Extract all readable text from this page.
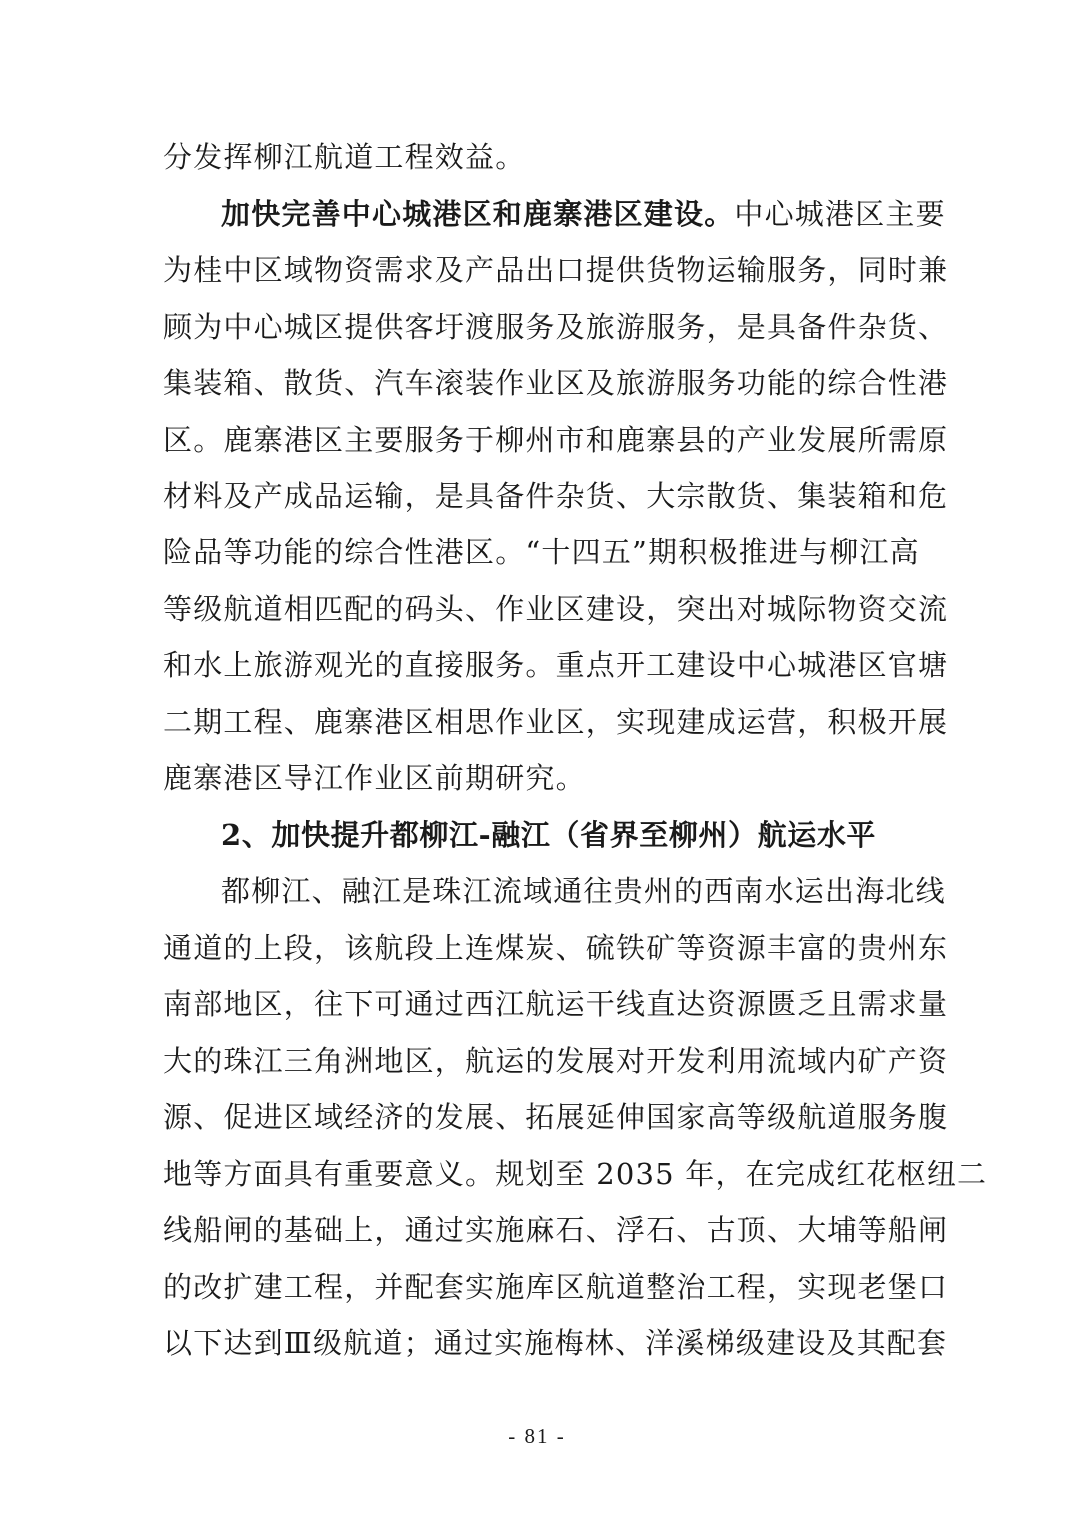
分发挥柳江航道工程效益。
加快完善中心城港区和鹿寨港区建设。中心城港区主要
为桂中区域物资需求及产品出口提供货物运输服务，同时兼
顾为中心城区提供客圩渡服务及旅游服务，是具备件杂货、
集装箱、散货、汽车滚装作业区及旅游服务功能的综合性港
区。鹿寨港区主要服务于柳州市和鹿寨县的产业发展所需原
材料及产成品运输，是具备件杂货、大宗散货、集装箱和危
险品等功能的综合性港区。“十四五”期积极推进与柳江高
等级航道相匹配的码头、作业区建设，突出对城际物资交流
和水上旅游观光的直接服务。重点开工建设中心城港区官塘
二期工程、鹿寨港区相思作业区，实现建成运营，积极开展
鹿寨港区导江作业区前期研究。
2、加快提升都柳江-融江（省界至柳州）航运水平
都柳江、融江是珠江流域通往贵州的西南水运出海北线
通道的上段，该航段上连煤炭、硫铁矿等资源丰富的贵州东
南部地区，往下可通过西江航运干线直达资源匮乏且需求量
大的珠江三角洲地区，航运的发展对开发利用流域内矿产资
源、促进区域经济的发展、拓展延伸国家高等级航道服务腹
地等方面具有重要意义。规划至 2035 年，在完成红花枢纽二
线船闸的基础上，通过实施麻石、浮石、古顶、大埔等船闸
的改扩建工程，并配套实施库区航道整治工程，实现老堡口
以下达到Ⅲ级航道；通过实施梅林、洋溪梯级建设及其配套
- 81 -
